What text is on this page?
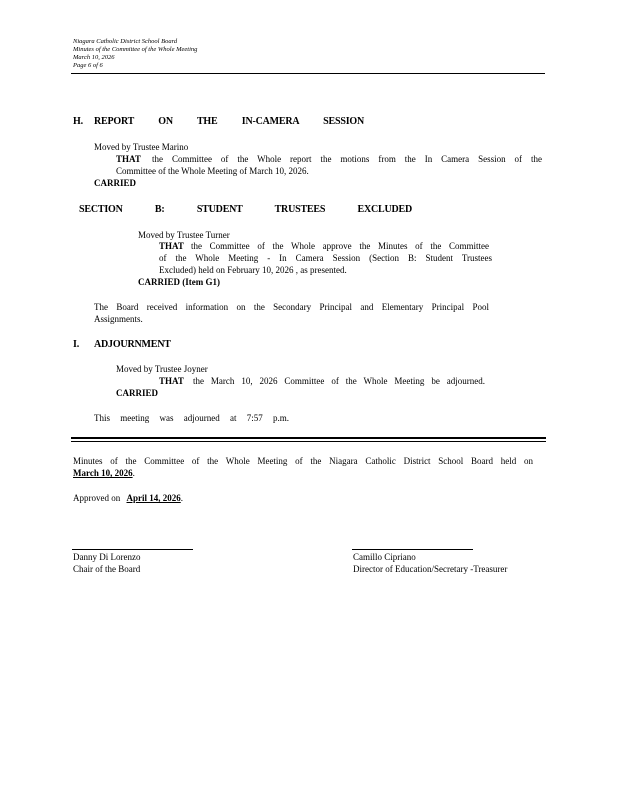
Niagara Catholic District School Board
Minutes of the Committee of the Whole Meeting
March 10, 2026
Page 6 of 6
H. REPORT ON THE IN-CAMERA SESSION
Moved by Trustee Marino
THAT the Committee of the Whole report the motions from the In Camera Session of the
Committee of the Whole Meeting of March 10, 2026.
CARRIED
SECTION B: STUDENT TRUSTEES EXCLUDED
Moved by Trustee Turner
THAT the Committee of the Whole approve the Minutes of the Committee
of the Whole Meeting - In Camera Session (Section B: Student Trustees
Excluded) held on February 10, 2026 , as presented.
CARRIED (Item G1)
The Board received information on the Secondary Principal and Elementary Principal Pool
Assignments.
I. ADJOURNMENT
Moved by Trustee Joyner
THAT the March 10, 2026 Committee of the Whole Meeting be adjourned.
CARRIED
This meeting was adjourned at 7:57 p.m.
Minutes of the Committee of the Whole Meeting of the Niagara Catholic District School Board held on
March 10, 2026.
Approved on April 14, 2026.
Danny Di Lorenzo
Chair of the Board
Camillo Cipriano
Director of Education/Secretary -Treasurer
